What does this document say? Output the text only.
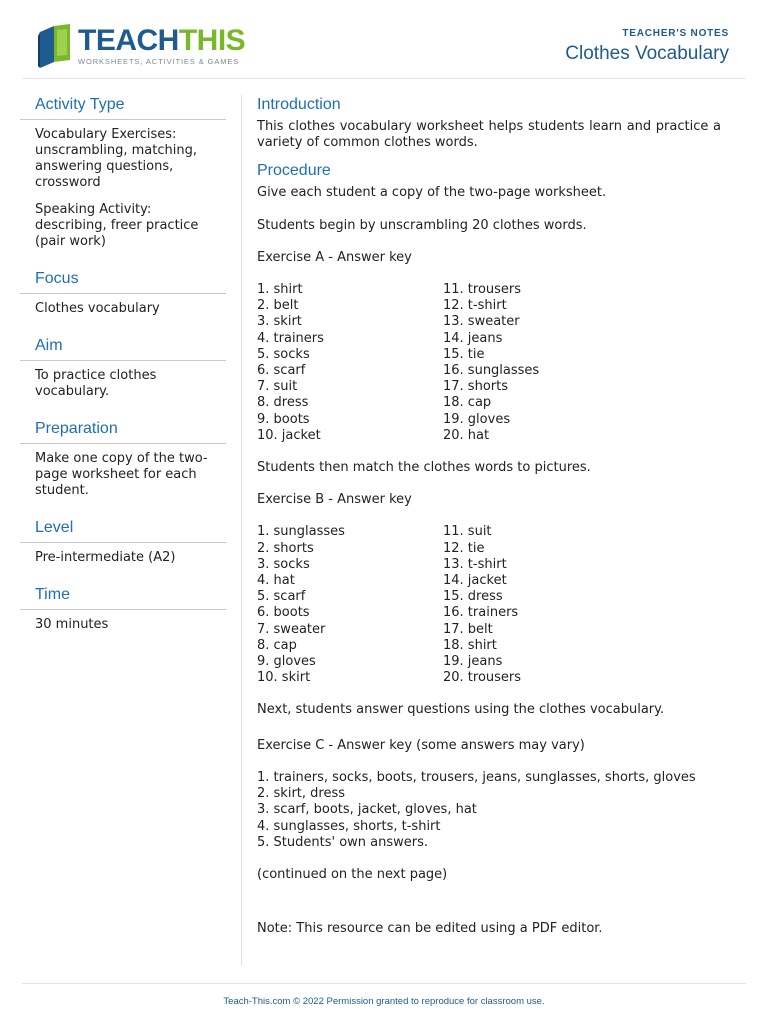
TEACHTHIS
WORKSHEETS, ACTIVITIES & GAMES
TEACHER'S NOTES
Clothes Vocabulary
Activity Type

Vocabulary Exercises: unscrambling, matching, answering questions, crossword

Speaking Activity: describing, freer practice (pair work)

Focus

Clothes vocabulary

Aim

To practice clothes vocabulary.

Preparation

Make one copy of the two-page worksheet for each student.

Level

Pre-intermediate (A2)

Time

30 minutes

Introduction

This clothes vocabulary worksheet helps students learn and practice a variety of common clothes words.

Procedure

Give each student a copy of the two-page worksheet.

Students begin by unscrambling 20 clothes words.

Exercise A - Answer key

1. shirt
2. belt
3. skirt
4. trainers
5. socks
6. scarf
7. suit
8. dress
9. boots
10. jacket
11. trousers
12. t-shirt
13. sweater
14. jeans
15. tie
16. sunglasses
17. shorts
18. cap
19. gloves
20. hat

Students then match the clothes words to pictures.

Exercise B - Answer key

1. sunglasses
2. shorts
3. socks
4. hat
5. scarf
6. boots
7. sweater
8. cap
9. gloves
10. skirt
11. suit
12. tie
13. t-shirt
14. jacket
15. dress
16. trainers
17. belt
18. shirt
19. jeans
20. trousers

Next, students answer questions using the clothes vocabulary.

Exercise C - Answer key (some answers may vary)

1. trainers, socks, boots, trousers, jeans, sunglasses, shorts, gloves
2. skirt, dress
3. scarf, boots, jacket, gloves, hat
4. sunglasses, shorts, t-shirt
5. Students' own answers.

(continued on the next page)

Note: This resource can be edited using a PDF editor.

Teach-This.com © 2022 Permission granted to reproduce for classroom use.
